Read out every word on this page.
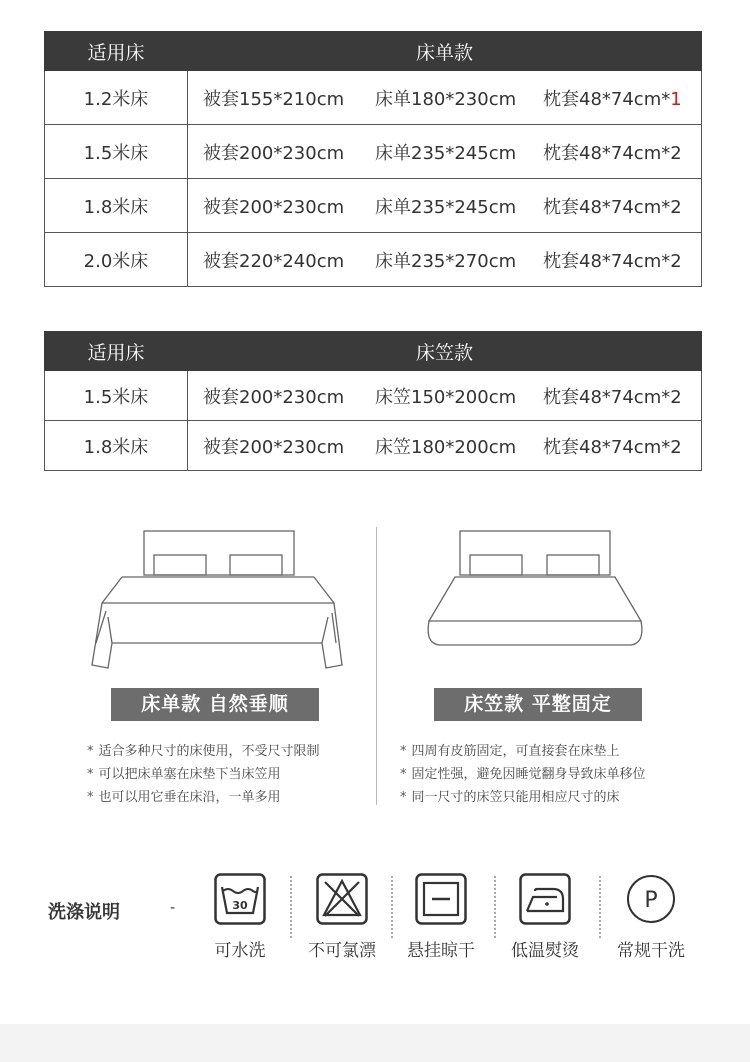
适用床	床单款
1.2米床	被套155*210cm 床单180*230cm 枕套48*74cm*1
1.5米床	被套200*230cm 床单235*245cm 枕套48*74cm*2
1.8米床	被套200*230cm 床单235*245cm 枕套48*74cm*2
2.0米床	被套220*240cm 床单235*270cm 枕套48*74cm*2
适用床	床笠款
1.5米床	被套200*230cm 床笠150*200cm 枕套48*74cm*2
1.8米床	被套200*230cm 床笠180*200cm 枕套48*74cm*2
床单款 自然垂顺	床笠款 平整固定
* 适合多种尺寸的床使用，不受尺寸限制
* 可以把床单塞在床垫下当床笠用
* 也可以用它垂在床沿，一单多用
* 四周有皮筋固定，可直接套在床垫上
* 固定性强，避免因睡觉翻身导致床单移位
* 同一尺寸的床笠只能用相应尺寸的床
洗涤说明	-	30
可水洗	不可氯漂	悬挂晾干	低温熨烫
P
常规干洗
